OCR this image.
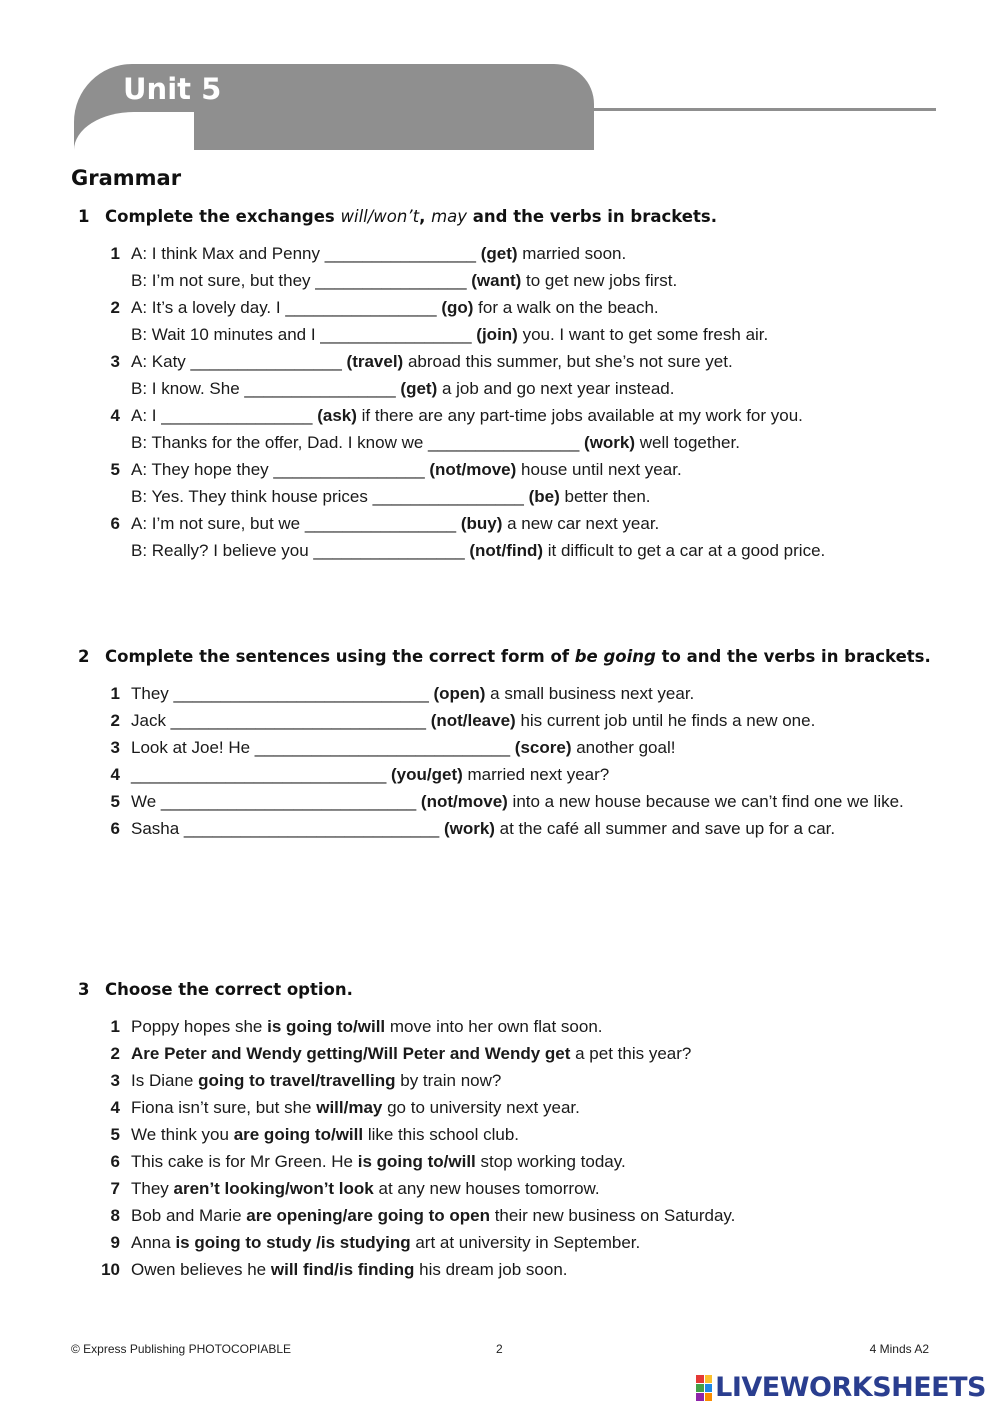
Unit 5
Grammar

1 Complete the exchanges will/won’t, may and the verbs in brackets.

1 A: I think Max and Penny ________________ (get) married soon.
B: I’m not sure, but they ________________ (want) to get new jobs first.
2 A: It’s a lovely day. I ________________ (go) for a walk on the beach.
B: Wait 10 minutes and I ________________ (join) you. I want to get some fresh air.
3 A: Katy ________________ (travel) abroad this summer, but she’s not sure yet.
B: I know. She ________________ (get) a job and go next year instead.
4 A: I ________________ (ask) if there are any part-time jobs available at my work for you.
B: Thanks for the offer, Dad. I know we ________________ (work) well together.
5 A: They hope they ________________ (not/move) house until next year.
B: Yes. They think house prices ________________ (be) better then.
6 A: I’m not sure, but we ________________ (buy) a new car next year.
B: Really? I believe you ________________ (not/find) it difficult to get a car at a good price.

2 Complete the sentences using the correct form of be going to and the verbs in brackets.

1 They ___________________________ (open) a small business next year.
2 Jack ___________________________ (not/leave) his current job until he finds a new one.
3 Look at Joe! He ___________________________ (score) another goal!
4 ___________________________ (you/get) married next year?
5 We ___________________________ (not/move) into a new house because we can’t find one we like.
6 Sasha ___________________________ (work) at the café all summer and save up for a car.

3 Choose the correct option.

1 Poppy hopes she is going to/will move into her own flat soon.
2 Are Peter and Wendy getting/Will Peter and Wendy get a pet this year?
3 Is Diane going to travel/travelling by train now?
4 Fiona isn’t sure, but she will/may go to university next year.
5 We think you are going to/will like this school club.
6 This cake is for Mr Green. He is going to/will stop working today.
7 They aren’t looking/won’t look at any new houses tomorrow.
8 Bob and Marie are opening/are going to open their new business on Saturday.
9 Anna is going to study /is studying art at university in September.
10 Owen believes he will find/is finding his dream job soon.
© Express Publishing PHOTOCOPIABLE	2	4 Minds A2
LIVEWORKSHEETS
